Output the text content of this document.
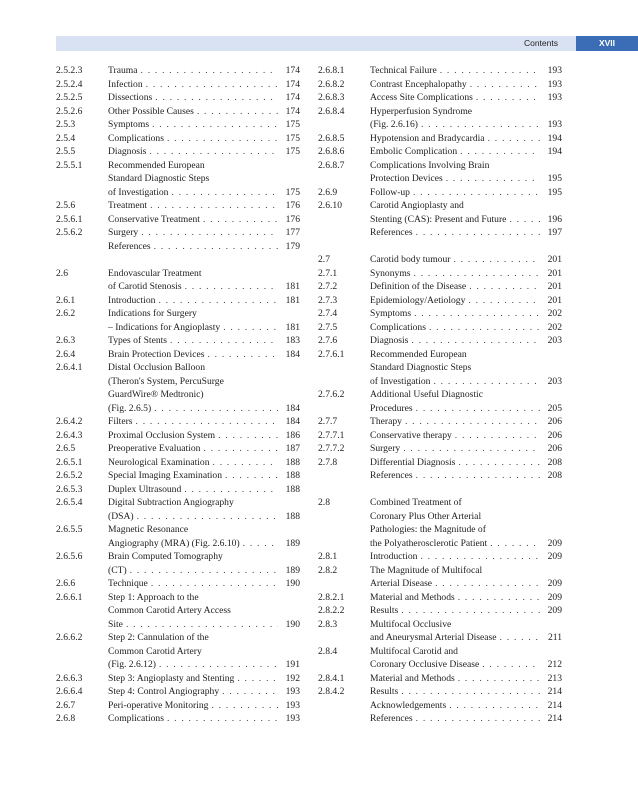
Contents	XVII
2.5.2.3	Trauma . . .	174
2.5.2.4	Infection . . .	174
2.5.2.5	Dissections . . .	174
2.5.2.6	Other Possible Causes . . .	174
2.5.3	Symptoms . . .	175
2.5.4	Complications . . .	175
2.5.5	Diagnosis . . .	175
2.5.5.1	Recommended European
Standard Diagnostic Steps
of Investigation . . .	175
2.5.6	Treatment . . .	176
2.5.6.1	Conservative Treatment . . .	176
2.5.6.2	Surgery . . .	177
References . . .	179
2.6	Endovascular Treatment
of Carotid Stenosis . . .	181
2.6.1	Introduction . . .	181
2.6.2	Indications for Surgery
– Indications for Angioplasty . . .	181
2.6.3	Types of Stents . . .	183
2.6.4	Brain Protection Devices . . .	184
2.6.4.1	Distal Occlusion Balloon
(Theron's System, PercuSurge
GuardWire® Medtronic)
(Fig. 2.6.5) . . .	184
2.6.4.2	Filters . . .	184
2.6.4.3	Proximal Occlusion System . . .	186
2.6.5	Preoperative Evaluation . . .	187
2.6.5.1	Neurological Examination . . .	188
2.6.5.2	Special Imaging Examination . . .	188
2.6.5.3	Duplex Ultrasound . . .	188
2.6.5.4	Digital Subtraction Angiography
(DSA) . . .	188
2.6.5.5	Magnetic Resonance
Angiography (MRA) (Fig. 2.6.10) . . .	189
2.6.5.6	Brain Computed Tomography
(CT) . . .	189
2.6.6	Technique . . .	190
2.6.6.1	Step 1: Approach to the
Common Carotid Artery Access
Site . . .	190
2.6.6.2	Step 2: Cannulation of the
Common Carotid Artery
(Fig. 2.6.12) . . .	191
2.6.6.3	Step 3: Angioplasty and Stenting . . .	192
2.6.6.4	Step 4: Control Angiography . . .	193
2.6.7	Peri-operative Monitoring . . .	193
2.6.8	Complications . . .	193
2.6.8.1	Technical Failure . . .	193
2.6.8.2	Contrast Encephalopathy . . .	193
2.6.8.3	Access Site Complications . . .	193
2.6.8.4	Hyperperfusion Syndrome
(Fig. 2.6.16) . . .	193
2.6.8.5	Hypotension and Bradycardia . . .	194
2.6.8.6	Embolic Complication . . .	194
2.6.8.7	Complications Involving Brain
Protection Devices . . .	195
2.6.9	Follow-up . . .	195
2.6.10	Carotid Angioplasty and
Stenting (CAS): Present and Future . . .	196
References . . .	197
2.7	Carotid body tumour . . .	201
2.7.1	Synonyms . . .	201
2.7.2	Definition of the Disease . . .	201
2.7.3	Epidemiology/Aetiology . . .	201
2.7.4	Symptoms . . .	202
2.7.5	Complications . . .	202
2.7.6	Diagnosis . . .	203
2.7.6.1	Recommended European
Standard Diagnostic Steps
of Investigation . . .	203
2.7.6.2	Additional Useful Diagnostic
Procedures . . .	205
2.7.7	Therapy . . .	206
2.7.7.1	Conservative therapy . . .	206
2.7.7.2	Surgery . . .	206
2.7.8	Differential Diagnosis . . .	208
References . . .	208
2.8	Combined Treatment of
Coronary Plus Other Arterial
Pathologies: the Magnitude of
the Polyatherosclerotic Patient . . .	209
2.8.1	Introduction . . .	209
2.8.2	The Magnitude of Multifocal
Arterial Disease . . .	209
2.8.2.1	Material and Methods . . .	209
2.8.2.2	Results . . .	209
2.8.3	Multifocal Occlusive
and Aneurysmal Arterial Disease . . .	211
2.8.4	Multifocal Carotid and
Coronary Occlusive Disease . . .	212
2.8.4.1	Material and Methods . . .	213
2.8.4.2	Results . . .	214
Acknowledgements . . .	214
References . . .	214
